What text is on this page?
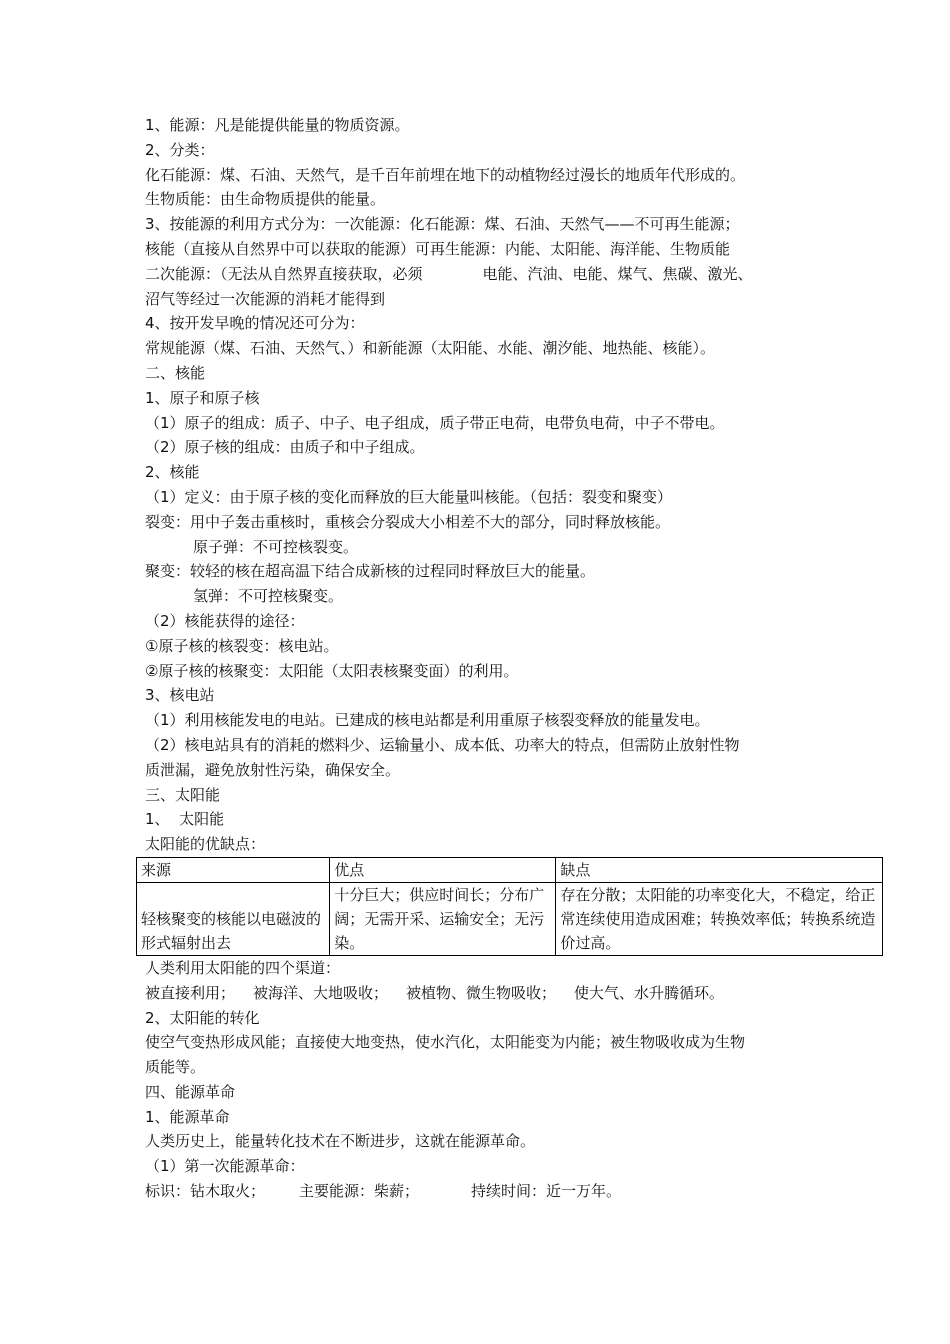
1、能源：凡是能提供能量的物质资源。
2、分类：
化石能源：煤、石油、天然气，是千百年前埋在地下的动植物经过漫长的地质年代形成的。
生物质能：由生命物质提供的能量。
3、按能源的利用方式分为：一次能源：化石能源：煤、石油、天然气——不可再生能源；
核能（直接从自然界中可以获取的能源）可再生能源：内能、太阳能、海洋能、生物质能
二次能源：（无法从自然界直接获取，必须	电能、汽油、电能、煤气、焦碳、激光、
沼气等经过一次能源的消耗才能得到
4、按开发早晚的情况还可分为：
常规能源（煤、石油、天然气、）和新能源（太阳能、水能、潮汐能、地热能、核能）。
二、核能
1、原子和原子核
（1）原子的组成：质子、中子、电子组成，质子带正电荷，电带负电荷，中子不带电。
（2）原子核的组成：由质子和中子组成。
2、核能
（1）定义：由于原子核的变化而释放的巨大能量叫核能。（包括：裂变和聚变）
裂变：用中子轰击重核时，重核会分裂成大小相差不大的部分，同时释放核能。
原子弹：不可控核裂变。
聚变：较轻的核在超高温下结合成新核的过程同时释放巨大的能量。
氢弹：不可控核聚变。
（2）核能获得的途径：
①原子核的核裂变：核电站。
②原子核的核聚变：太阳能（太阳表核聚变面）的利用。
3、核电站
（1）利用核能发电的电站。已建成的核电站都是利用重原子核裂变释放的能量发电。
（2）核电站具有的消耗的燃料少、运输量小、成本低、功率大的特点，但需防止放射性物
质泄漏，避免放射性污染，确保安全。
三、太阳能
1、  太阳能
太阳能的优缺点：
来源	优点	缺点
轻核聚变的核能以电磁波的形式辐射出去	十分巨大；供应时间长；分布广阔；无需开采、运输安全；无污染。	存在分散；太阳能的功率变化大，不稳定，给正常连续使用造成困难；转换效率低；转换系统造价过高。
人类利用太阳能的四个渠道：
被直接利用； 被海洋、大地吸收； 被植物、微生物吸收； 使大气、水升腾循环。
2、太阳能的转化
使空气变热形成风能；直接使大地变热，使水汽化，太阳能变为内能；被生物吸收成为生物
质能等。
四、能源革命
1、能源革命
人类历史上，能量转化技术在不断进步，这就在能源革命。
（1）第一次能源革命：
标识：钻木取火； 主要能源：柴薪；	持续时间：近一万年。
